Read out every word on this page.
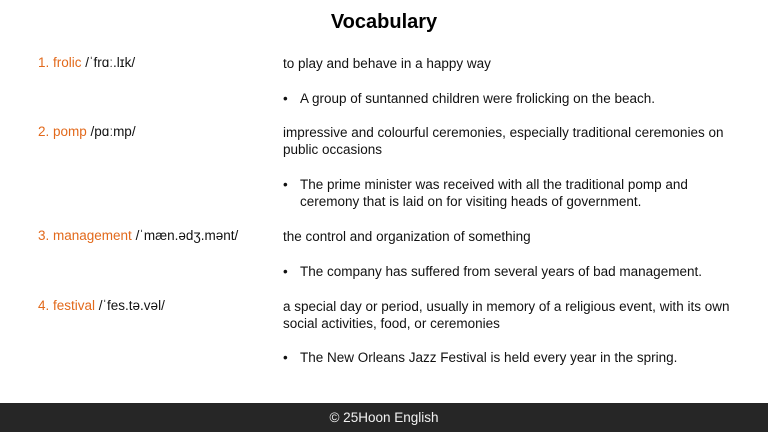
Vocabulary
1. frolic /ˈfrɑː.lɪk/	to play and behave in a happy way
• A group of suntanned children were frolicking on the beach.
2. pomp /pɑːmp/	impressive and colourful ceremonies, especially traditional ceremonies on public occasions
• The prime minister was received with all the traditional pomp and ceremony that is laid on for visiting heads of government.
3. management /ˈmæn.ədʒ.mənt/	the control and organization of something
• The company has suffered from several years of bad management.
4. festival /ˈfes.tə.vəl/	a special day or period, usually in memory of a religious event, with its own social activities, food, or ceremonies
• The New Orleans Jazz Festival is held every year in the spring.
© 25Hoon English
